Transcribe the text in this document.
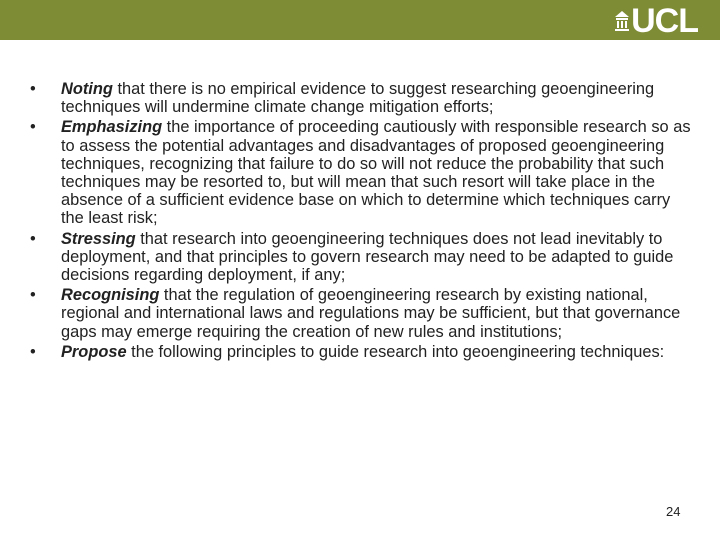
UCL
• Noting that there is no empirical evidence to suggest researching geoengineering techniques will undermine climate change mitigation efforts;
• Emphasizing the importance of proceeding cautiously with responsible research so as to assess the potential advantages and disadvantages of proposed geoengineering techniques, recognizing that failure to do so will not reduce the probability that such techniques may be resorted to, but will mean that such resort will take place in the absence of a sufficient evidence base on which to determine which techniques carry the least risk;
• Stressing that research into geoengineering techniques does not lead inevitably to deployment, and that principles to govern research may need to be adapted to guide decisions regarding deployment, if any;
• Recognising that the regulation of geoengineering research by existing national, regional and international laws and regulations may be sufficient, but that governance gaps may emerge requiring the creation of new rules and institutions;
• Propose the following principles to guide research into geoengineering techniques:
24
